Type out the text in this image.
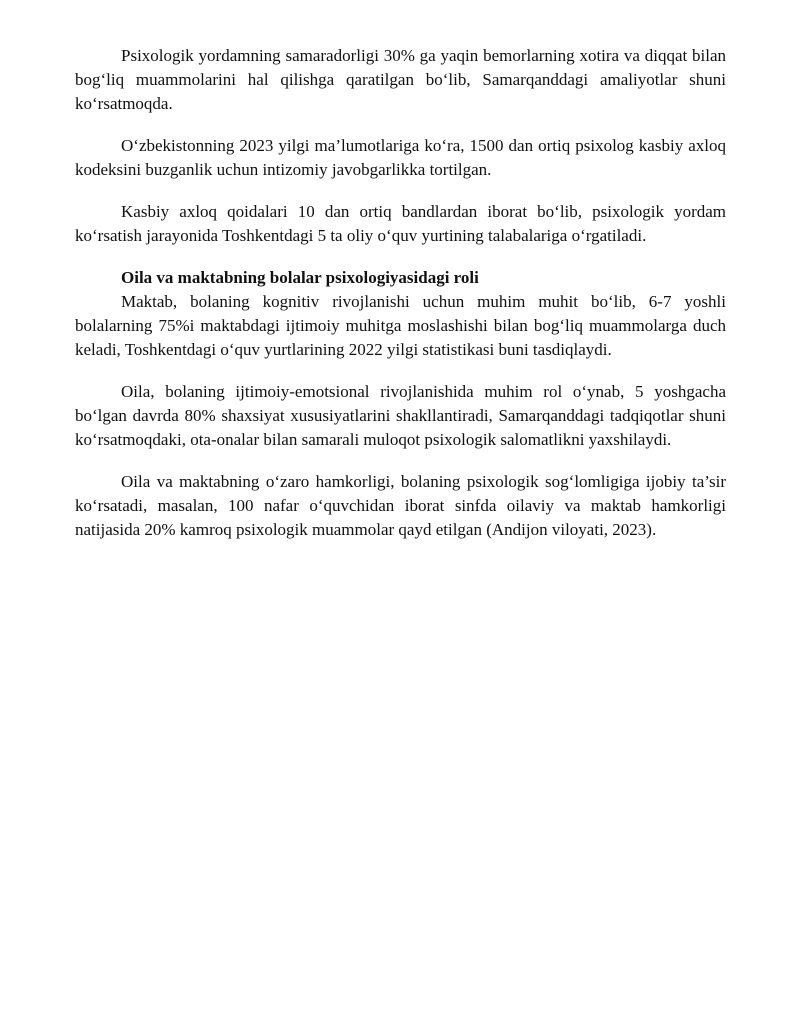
Psixologik yordamning samaradorligi 30% ga yaqin bemorlarning xotira va diqqat bilan bog‘liq muammolarini hal qilishga qaratilgan bo‘lib, Samarqanddagi amaliyotlar shuni ko‘rsatmoqda.

O‘zbekistonning 2023 yilgi ma’lumotlariga ko‘ra, 1500 dan ortiq psixolog kasbiy axloq kodeksini buzganlik uchun intizomiy javobgarlikka tortilgan.

Kasbiy axloq qoidalari 10 dan ortiq bandlardan iborat bo‘lib, psixologik yordam ko‘rsatish jarayonida Toshkentdagi 5 ta oliy o‘quv yurtining talabalariga o‘rgatiladi.

Oila va maktabning bolalar psixologiyasidagi roli

Maktab, bolaning kognitiv rivojlanishi uchun muhim muhit bo‘lib, 6-7 yoshli bolalarning 75%i maktabdagi ijtimoiy muhitga moslashishi bilan bog‘liq muammolarga duch keladi, Toshkentdagi o‘quv yurtlarining 2022 yilgi statistikasi buni tasdiqlaydi.

Oila, bolaning ijtimoiy-emotsional rivojlanishida muhim rol o‘ynab, 5 yoshgacha bo‘lgan davrda 80% shaxsiyat xususiyatlarini shakllantiradi, Samarqanddagi tadqiqotlar shuni ko‘rsatmoqdaki, ota-onalar bilan samarali muloqot psixologik salomatlikni yaxshilaydi.

Oila va maktabning o‘zaro hamkorligi, bolaning psixologik sog‘lomligiga ijobiy ta’sir ko‘rsatadi, masalan, 100 nafar o‘quvchidan iborat sinfda oilaviy va maktab hamkorligi natijasida 20% kamroq psixologik muammolar qayd etilgan (Andijon viloyati, 2023).
